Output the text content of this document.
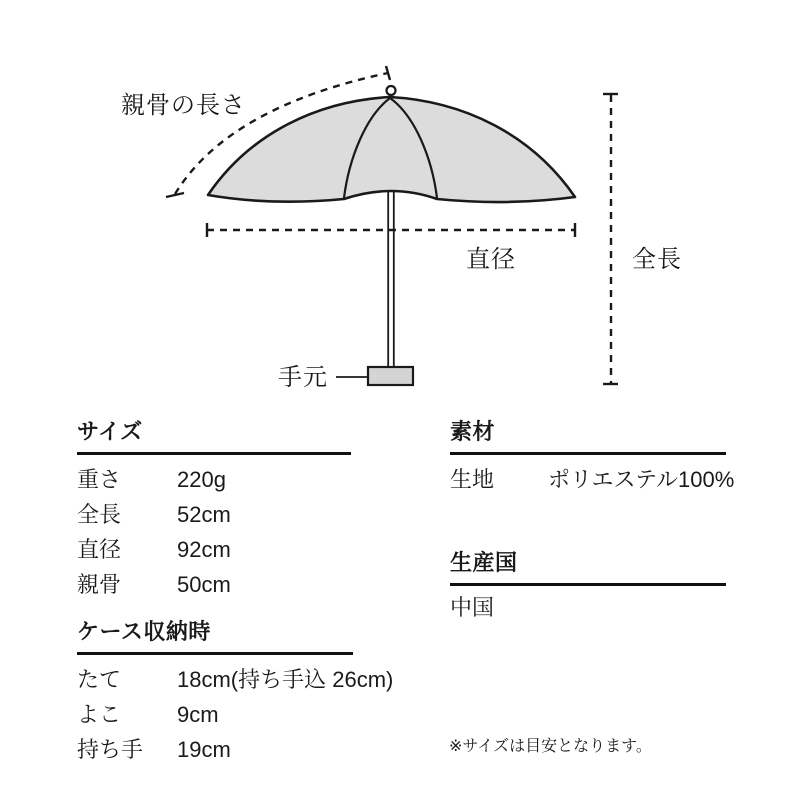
親骨の長さ
直径	全長
手元
サイズ
重さ	220g
全長	52cm
直径	92cm
親骨	50cm
ケース収納時
たて	18cm(持ち手込 26cm)
よこ	9cm
持ち手	19cm
素材
生地	ポリエステル100%
生産国
中国
※サイズは目安となります。
